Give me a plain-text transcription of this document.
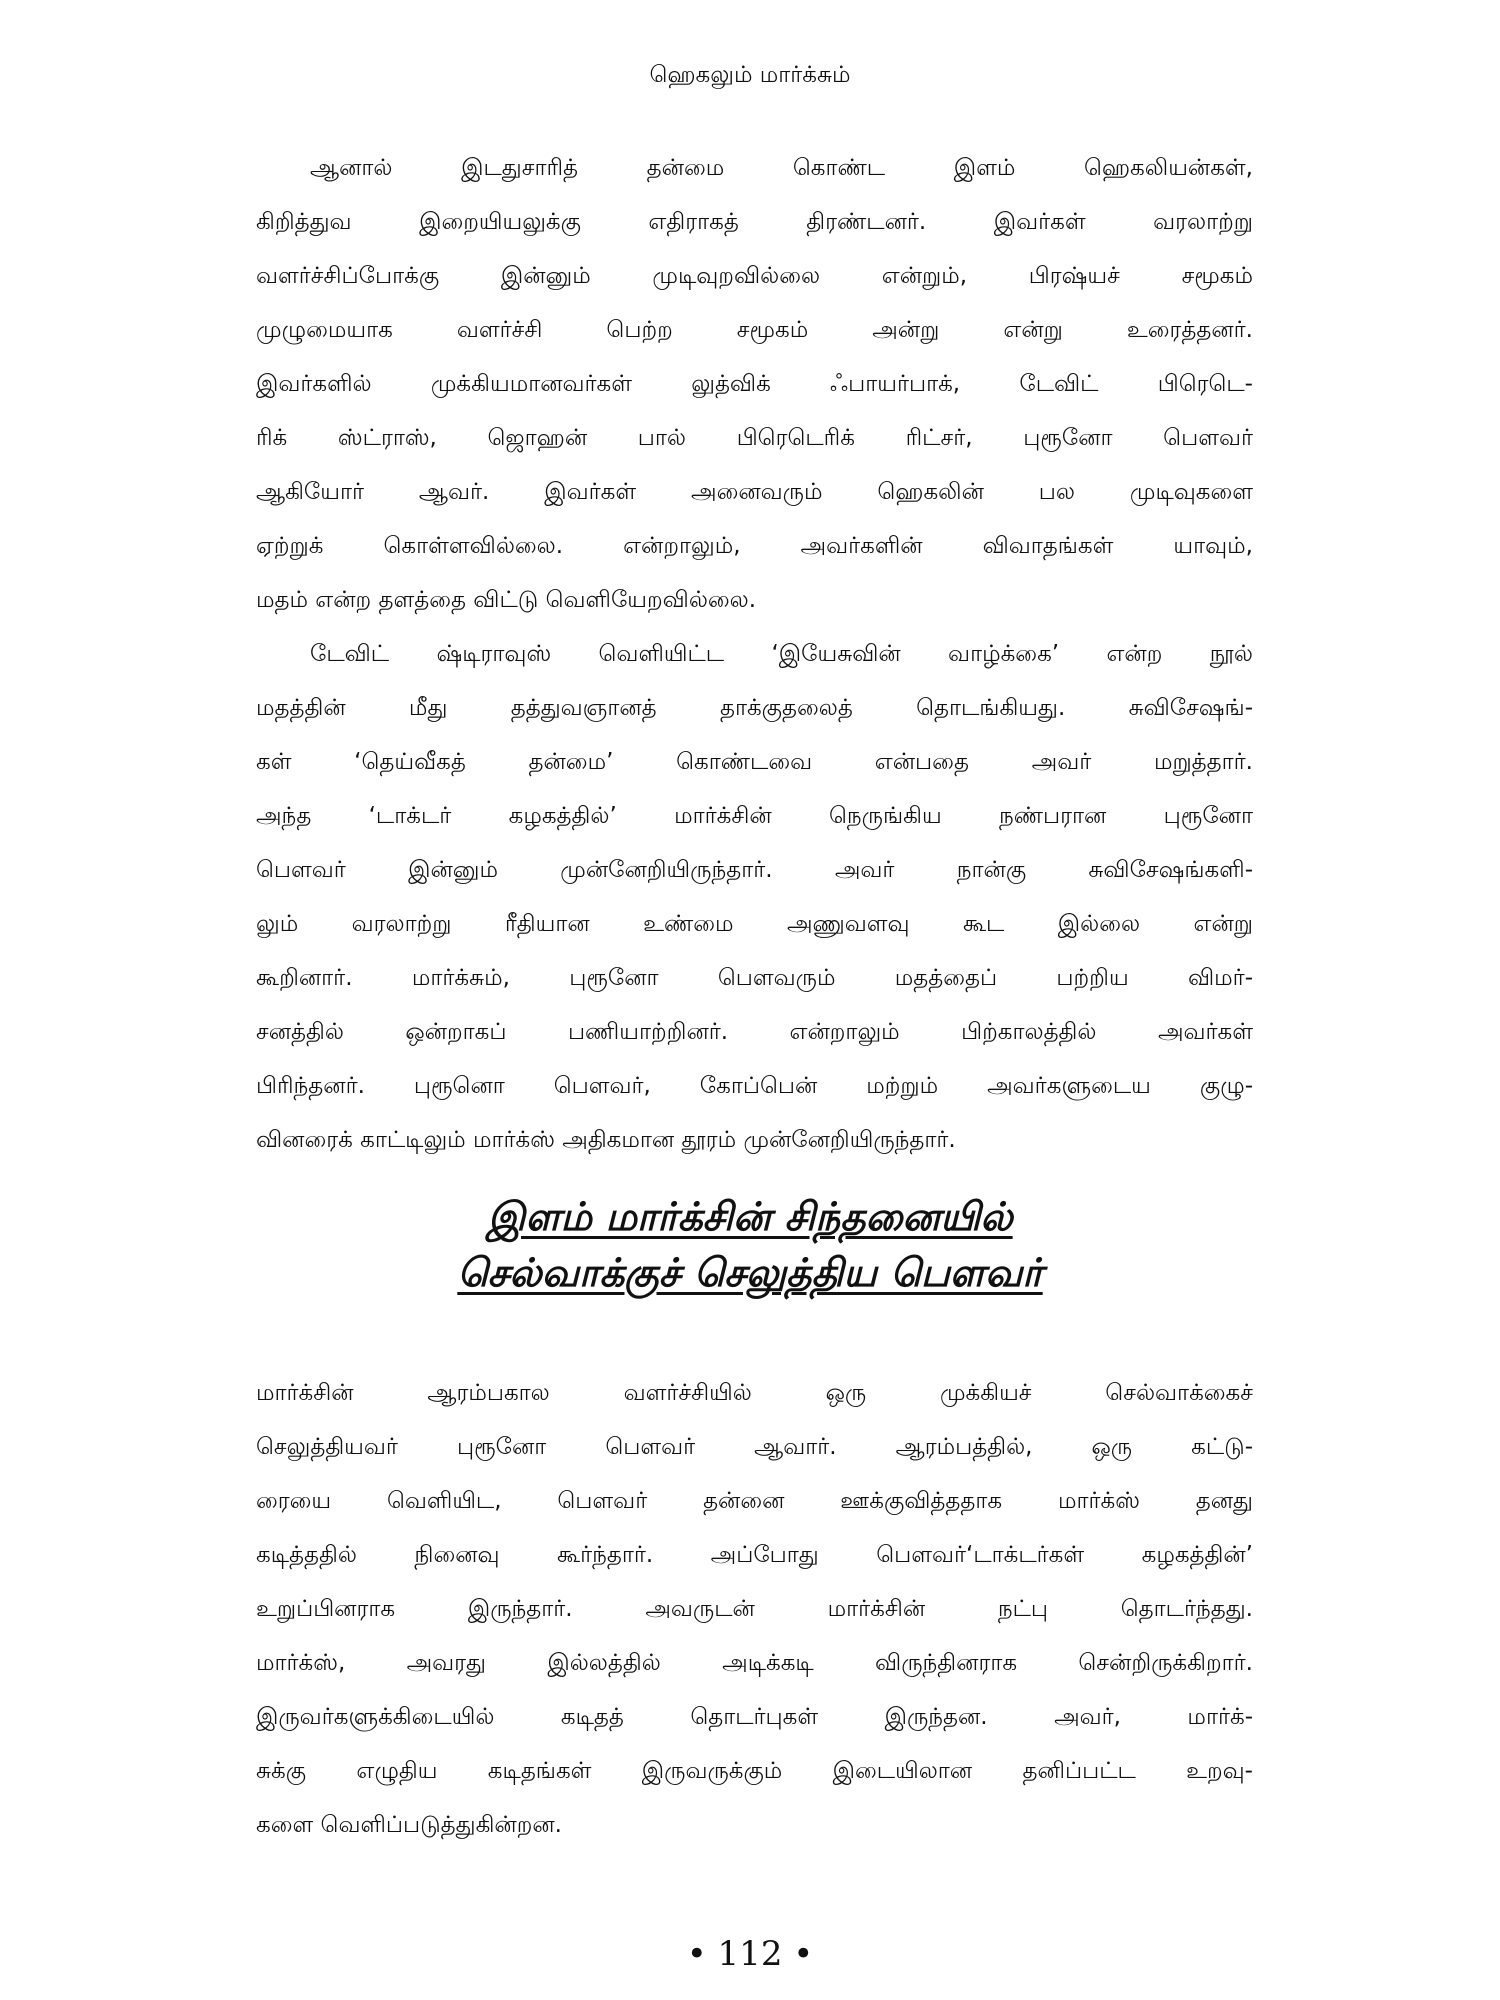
ஹெகலும் மார்க்சும்

ஆனால் இடதுசாரித் தன்மை கொண்ட இளம் ஹெகலியன்கள்,
கிறித்துவ இறையியலுக்கு எதிராகத் திரண்டனர். இவர்கள் வரலாற்று
வளர்ச்சிப்போக்கு இன்னும் முடிவுறவில்லை என்றும், பிரஷ்யச் சமூகம்
முழுமையாக வளர்ச்சி பெற்ற சமூகம் அன்று என்று உரைத்தனர்.
இவர்களில் முக்கியமானவர்கள் லுத்விக் ஃபாயர்பாக், டேவிட் பிரெடெ-
ரிக் ஸ்ட்ராஸ், ஜொஹன் பால் பிரெடெரிக் ரிட்சர், புரூனோ பௌவர்
ஆகியோர் ஆவர். இவர்கள் அனைவரும் ஹெகலின் பல முடிவுகளை
ஏற்றுக் கொள்ளவில்லை. என்றாலும், அவர்களின் விவாதங்கள் யாவும்,
மதம் என்ற தளத்தை விட்டு வெளியேறவில்லை.

டேவிட் ஷ்டிராவுஸ் வெளியிட்ட ‘இயேசுவின் வாழ்க்கை’ என்ற நூல்
மதத்தின் மீது தத்துவஞானத் தாக்குதலைத் தொடங்கியது. சுவிசேஷங்-
கள் ‘தெய்வீகத் தன்மை’ கொண்டவை என்பதை அவர் மறுத்தார்.
அந்த ‘டாக்டர் கழகத்தில்’ மார்க்சின் நெருங்கிய நண்பரான புரூனோ
பௌவர் இன்னும் முன்னேறியிருந்தார். அவர் நான்கு சுவிசேஷங்களி-
லும் வரலாற்று ரீதியான உண்மை அணுவளவு கூட இல்லை என்று
கூறினார். மார்க்சும், புரூனோ பௌவரும் மதத்தைப் பற்றிய விமர்-
சனத்தில் ஒன்றாகப் பணியாற்றினர். என்றாலும் பிற்காலத்தில் அவர்கள்
பிரிந்தனர். புரூனொ பௌவர், கோப்பென் மற்றும் அவர்களுடைய குழு-
வினரைக் காட்டிலும் மார்க்ஸ் அதிகமான தூரம் முன்னேறியிருந்தார்.

இளம் மார்க்சின் சிந்தனையில்
செல்வாக்குச் செலுத்திய பௌவர்

மார்க்சின் ஆரம்பகால வளர்ச்சியில் ஒரு முக்கியச் செல்வாக்கைச்
செலுத்தியவர் புரூனோ பௌவர் ஆவார். ஆரம்பத்தில், ஒரு கட்டு-
ரையை வெளியிட, பௌவர் தன்னை ஊக்குவித்ததாக மார்க்ஸ் தனது
கடித்ததில் நினைவு கூர்ந்தார். அப்போது பௌவர்‘டாக்டர்கள் கழகத்தின்’
உறுப்பினராக இருந்தார். அவருடன் மார்க்சின் நட்பு தொடர்ந்தது.
மார்க்ஸ், அவரது இல்லத்தில் அடிக்கடி விருந்தினராக சென்றிருக்கிறார்.
இருவர்களுக்கிடையில் கடிதத் தொடர்புகள் இருந்தன. அவர், மார்க்-
சுக்கு எழுதிய கடிதங்கள் இருவருக்கும் இடையிலான தனிப்பட்ட உறவு-
களை வெளிப்படுத்துகின்றன.

• 112 •
